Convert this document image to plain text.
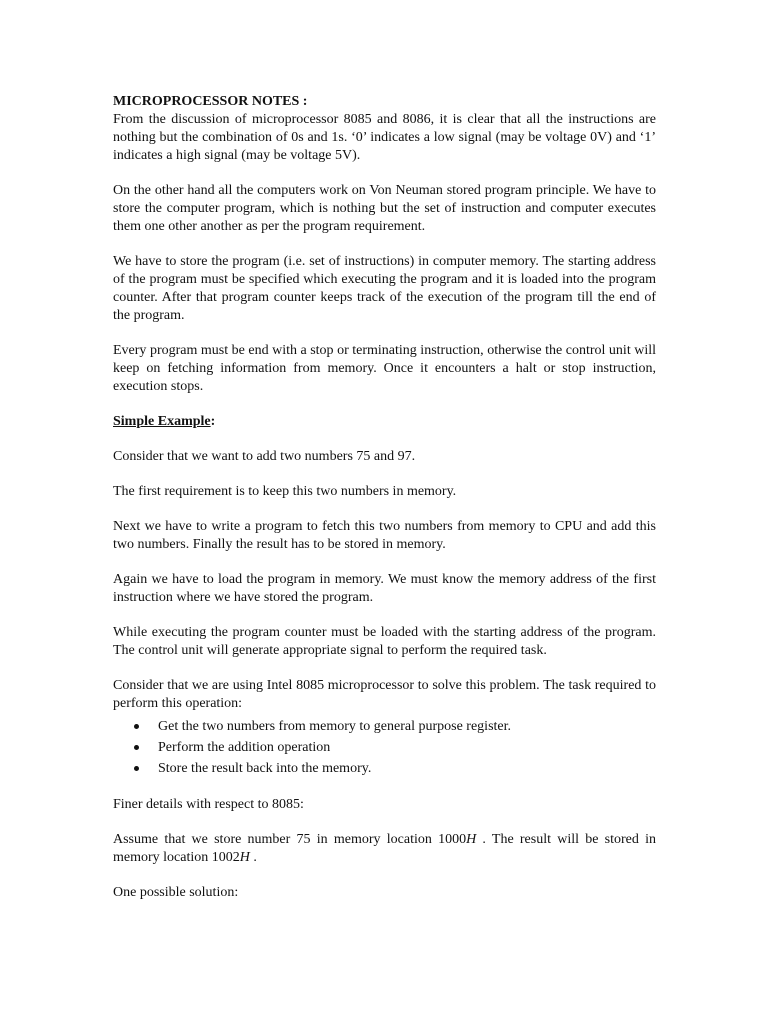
MICROPROCESSOR NOTES :

From the discussion of microprocessor 8085 and 8086, it is clear that all the instructions are nothing but the combination of 0s and 1s. ‘0’ indicates a low signal (may be voltage 0V) and ‘1’ indicates a high signal (may be voltage 5V).

On the other hand all the computers work on Von Neuman stored program principle. We have to store the computer program, which is nothing but the set of instruction and computer executes them one other another as per the program requirement.

We have to store the program (i.e. set of instructions) in computer memory. The starting address of the program must be specified which executing the program and it is loaded into the program counter. After that program counter keeps track of the execution of the program till the end of the program.

Every program must be end with a stop or terminating instruction, otherwise the control unit will keep on fetching information from memory. Once it encounters a halt or stop instruction, execution stops.

Simple Example:

Consider that we want to add two numbers 75 and 97.

The first requirement is to keep this two numbers in memory.

Next we have to write a program to fetch this two numbers from memory to CPU and add this two numbers. Finally the result has to be stored in memory.

Again we have to load the program in memory. We must know the memory address of the first instruction where we have stored the program.

While executing the program counter must be loaded with the starting address of the program. The control unit will generate appropriate signal to perform the required task.

Consider that we are using Intel 8085 microprocessor to solve this problem. The task required to perform this operation:

Get the two numbers from memory to general purpose register.
Perform the addition operation
Store the result back into the memory.

Finer details with respect to 8085:

Assume that we store number 75 in memory location 1000H . The result will be stored in memory location 1002H .

One possible solution:
